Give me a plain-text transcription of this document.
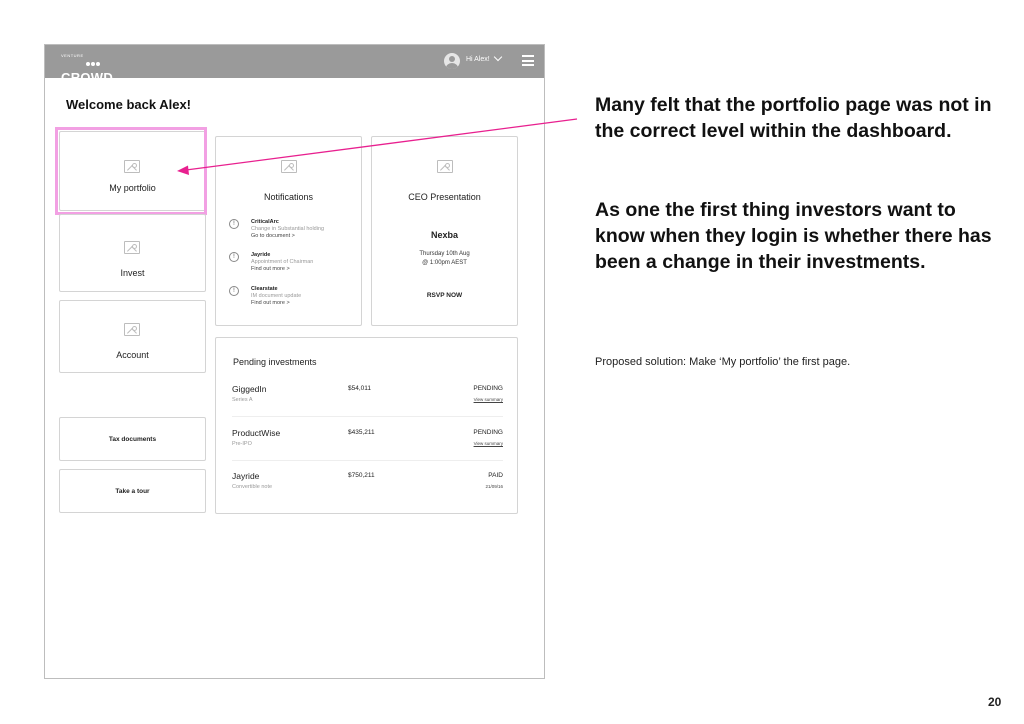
VENTURE
CROWD
Hi Alex!
Welcome back Alex!
My portfolio
Invest
Account
Tax documents
Take a tour
Notifications
!	CriticalArc
Change in Substantial holding
Go to document >
!	Jayride
Appointment of Chairman
Find out more >
!	Clearstate
IM document update
Find out more >
CEO Presentation
Nexba
Thursday 10th Aug
@ 1:00pm AEST
RSVP NOW
Pending investments
GiggedIn
Series A
$54,011	PENDING
View summary
ProductWise
Pre-IPO
$435,211	PENDING
View summary
Jayride
Convertible note
$750,211	PAID
21/09/16
Many felt that the portfolio page was not in the correct level within the dashboard.
As one the first thing investors want to know when they login is whether there has been a change in their investments.
Proposed solution: Make ‘My portfolio’ the first page.
20
